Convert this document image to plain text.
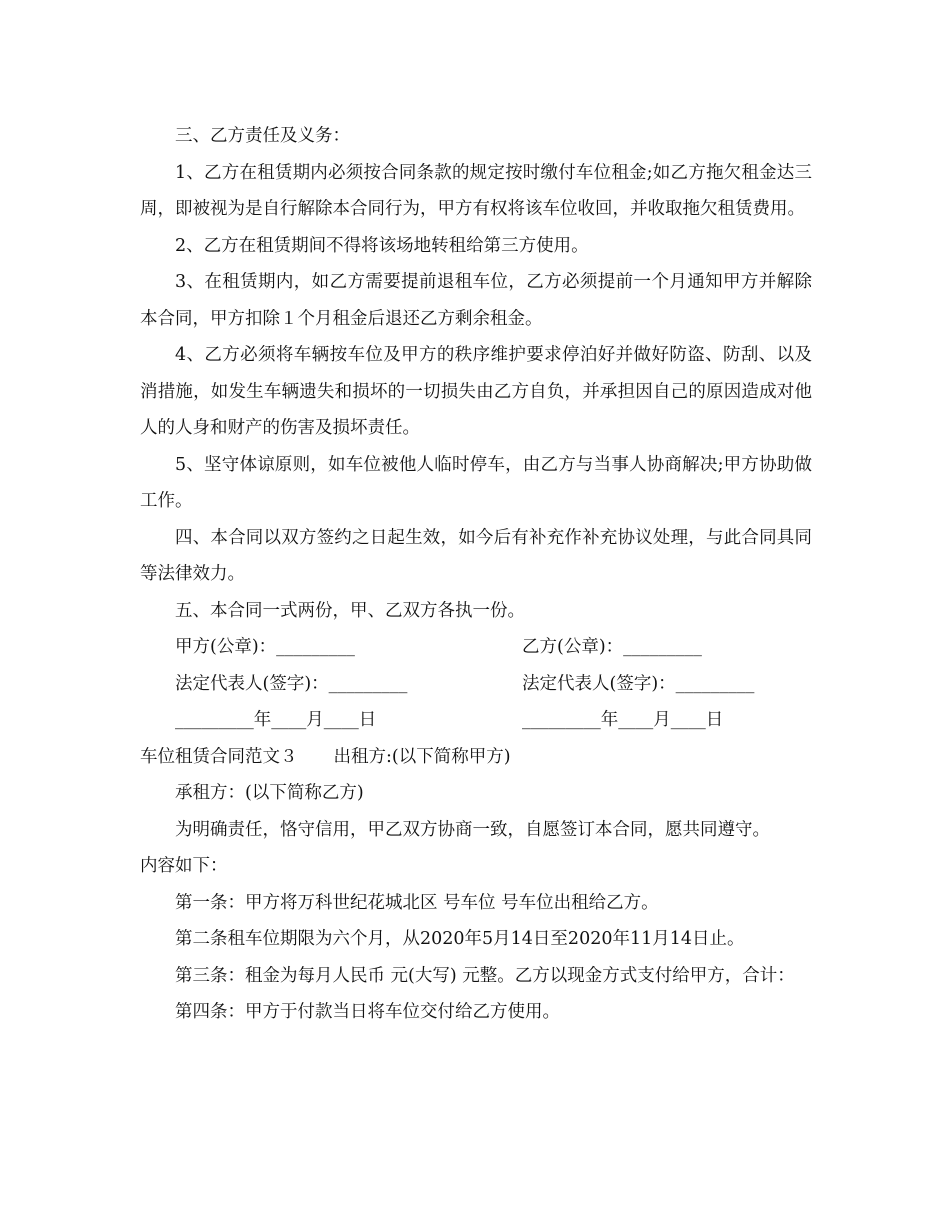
三、乙方责任及义务：

1、乙方在租赁期内必须按合同条款的规定按时缴付车位租金;如乙方拖欠租金达三周，即被视为是自行解除本合同行为，甲方有权将该车位收回，并收取拖欠租赁费用。

2、乙方在租赁期间不得将该场地转租给第三方使用。

3、在租赁期内，如乙方需要提前退租车位，乙方必须提前一个月通知甲方并解除本合同，甲方扣除１个月租金后退还乙方剩余租金。

4、乙方必须将车辆按车位及甲方的秩序维护要求停泊好并做好防盗、防刮、以及消措施，如发生车辆遗失和损坏的一切损失由乙方自负，并承担因自己的原因造成对他人的人身和财产的伤害及损坏责任。

5、坚守体谅原则，如车位被他人临时停车，由乙方与当事人协商解决;甲方协助做工作。

四、本合同以双方签约之日起生效，如今后有补充作补充协议处理，与此合同具同等法律效力。

五、本合同一式两份，甲、乙双方各执一份。

甲方(公章)：_________	乙方(公章)：_________
法定代表人(签字)：_________	法定代表人(签字)：_________
_________年____月____日	_________年____月____日

车位租赁合同范文３ 出租方:(以下简称甲方)

承租方：(以下简称乙方)

为明确责任，恪守信用，甲乙双方协商一致，自愿签订本合同，愿共同遵守。

内容如下：

第一条：甲方将万科世纪花城北区 号车位 号车位出租给乙方。

第二条租车位期限为六个月，从2020年5月14日至2020年11月14日止。

第三条：租金为每月人民币 元(大写) 元整。乙方以现金方式支付给甲方，合计：

第四条：甲方于付款当日将车位交付给乙方使用。
